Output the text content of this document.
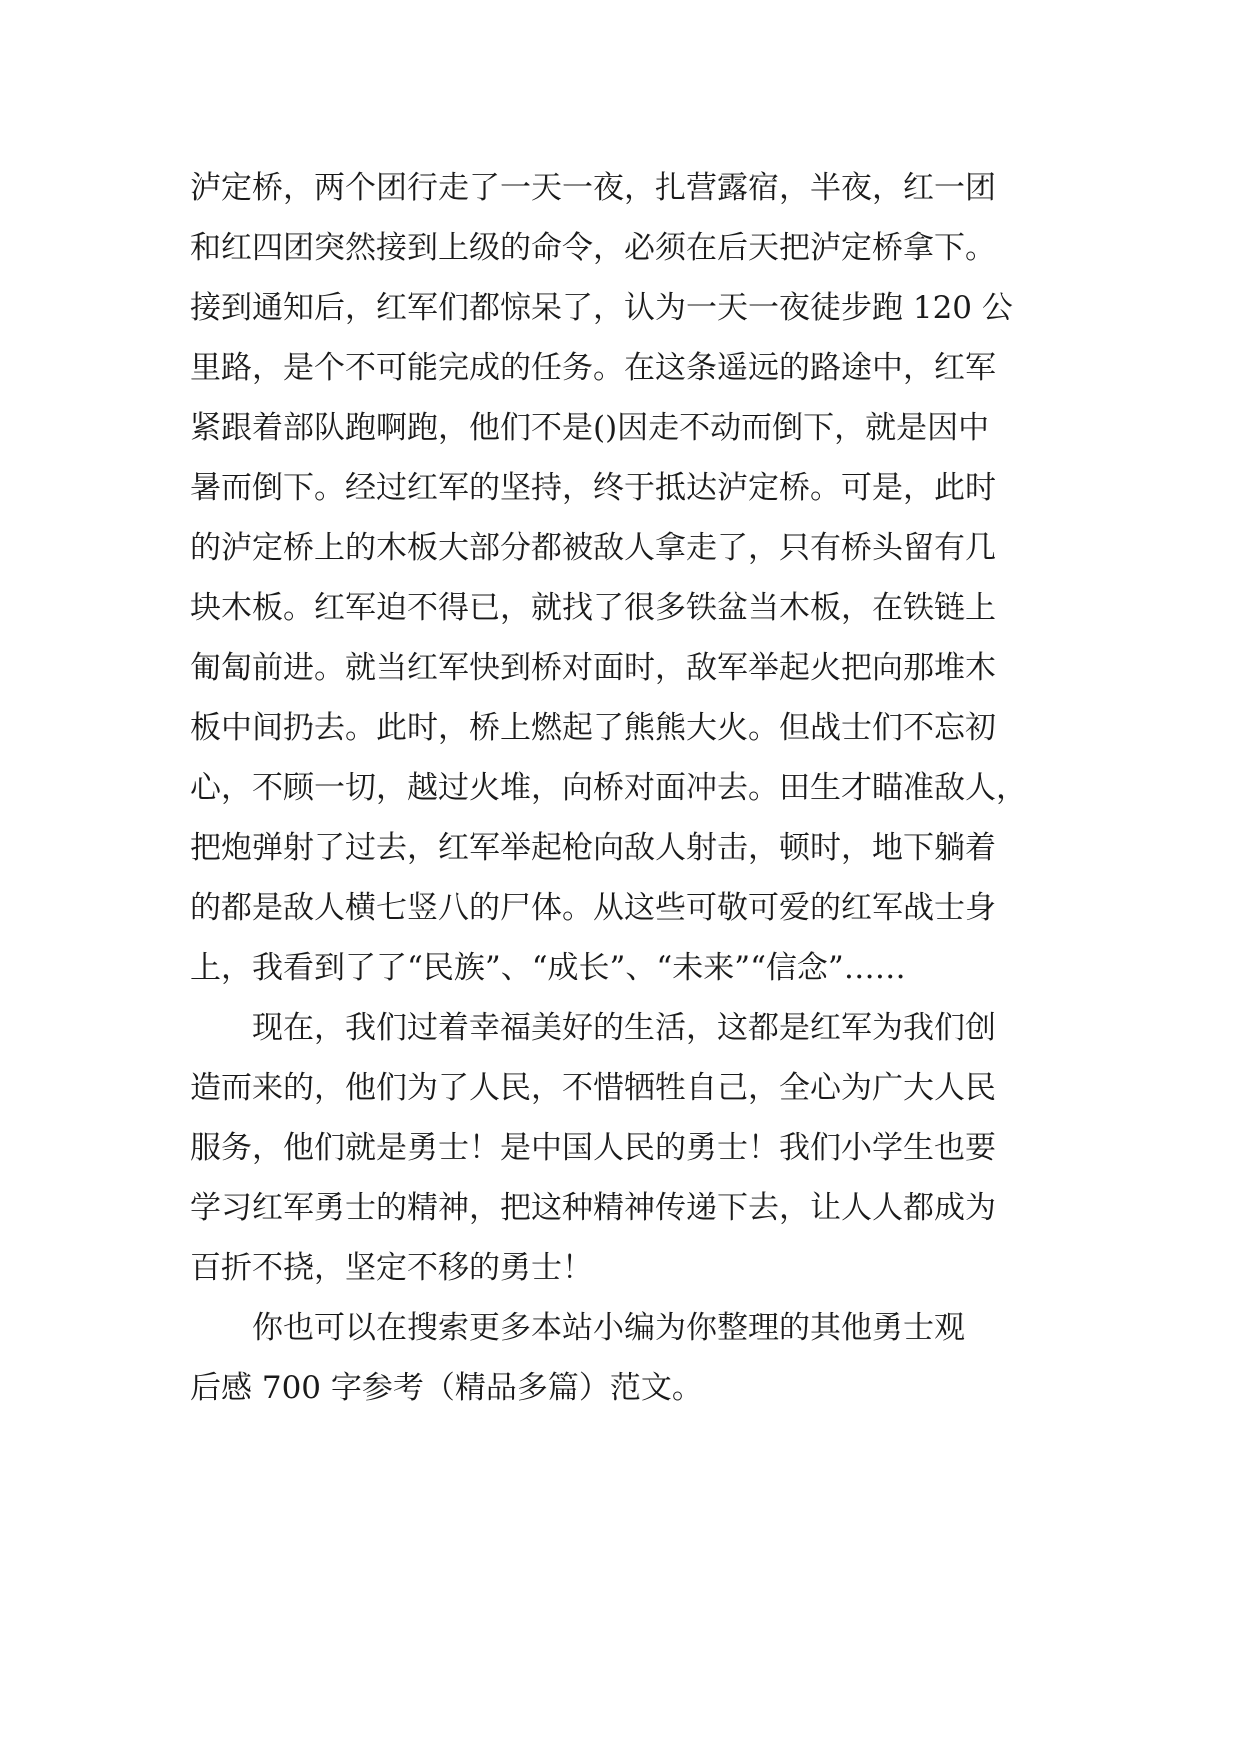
泸定桥，两个团行走了一天一夜，扎营露宿，半夜，红一团
和红四团突然接到上级的命令，必须在后天把泸定桥拿下。
接到通知后，红军们都惊呆了，认为一天一夜徒步跑 120 公
里路，是个不可能完成的任务。在这条遥远的路途中，红军
紧跟着部队跑啊跑，他们不是()因走不动而倒下，就是因中
暑而倒下。经过红军的坚持，终于抵达泸定桥。可是，此时
的泸定桥上的木板大部分都被敌人拿走了，只有桥头留有几
块木板。红军迫不得已，就找了很多铁盆当木板，在铁链上
匍匐前进。就当红军快到桥对面时，敌军举起火把向那堆木
板中间扔去。此时，桥上燃起了熊熊大火。但战士们不忘初
心，不顾一切，越过火堆，向桥对面冲去。田生才瞄准敌人，
把炮弹射了过去，红军举起枪向敌人射击，顿时，地下躺着
的都是敌人横七竖八的尸体。从这些可敬可爱的红军战士身
上，我看到了了“民族”、“成长”、“未来”“信念”……
现在，我们过着幸福美好的生活，这都是红军为我们创
造而来的，他们为了人民，不惜牺牲自己，全心为广大人民
服务，他们就是勇士！是中国人民的勇士！我们小学生也要
学习红军勇士的精神，把这种精神传递下去，让人人都成为
百折不挠，坚定不移的勇士！
你也可以在搜索更多本站小编为你整理的其他勇士观
后感 700 字参考（精品多篇）范文。
